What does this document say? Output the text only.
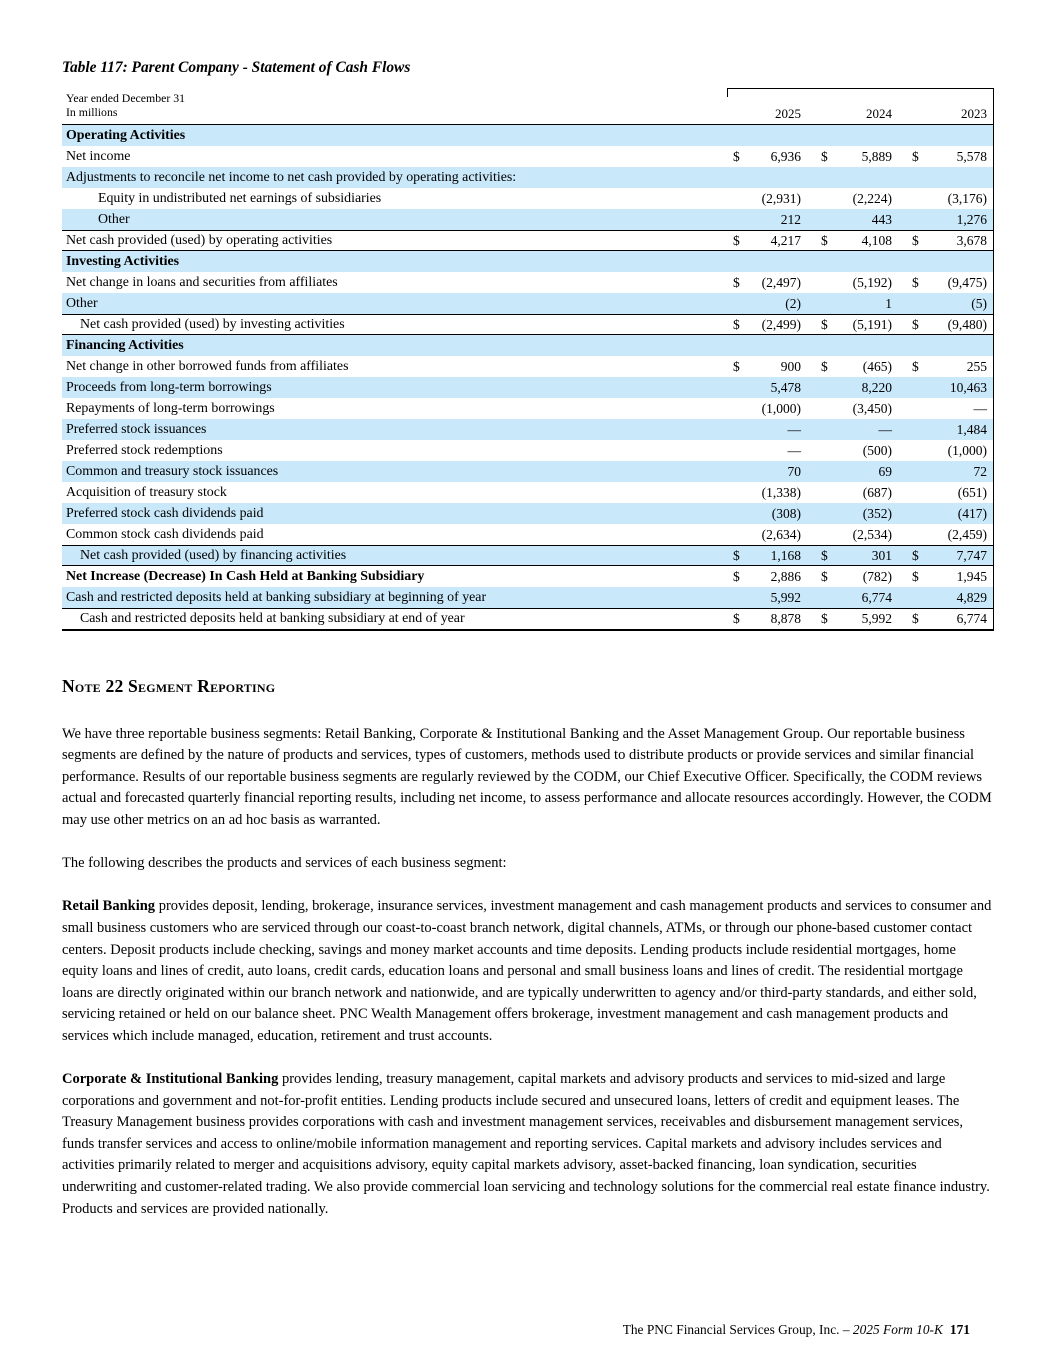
Table 117: Parent Company - Statement of Cash Flows
Year ended December 31
In millions	2025	2024	2023
Operating Activities
Net income	$	6,936	$	5,889	$	5,578
Adjustments to reconcile net income to net cash provided by operating activities:
Equity in undistributed net earnings of subsidiaries	(2,931)	(2,224)	(3,176)
Other	212	443	1,276
Net cash provided (used) by operating activities	$	4,217	$	4,108	$	3,678
Investing Activities
Net change in loans and securities from affiliates	$	(2,497)	(5,192)	$	(9,475)
Other	(2)	1	(5)
Net cash provided (used) by investing activities	$	(2,499)	$	(5,191)	$	(9,480)
Financing Activities
Net change in other borrowed funds from affiliates	$	900	$	(465)	$	255
Proceeds from long-term borrowings	5,478	8,220	10,463
Repayments of long-term borrowings	(1,000)	(3,450)	—
Preferred stock issuances	—	—	1,484
Preferred stock redemptions	—	(500)	(1,000)
Common and treasury stock issuances	70	69	72
Acquisition of treasury stock	(1,338)	(687)	(651)
Preferred stock cash dividends paid	(308)	(352)	(417)
Common stock cash dividends paid	(2,634)	(2,534)	(2,459)
Net cash provided (used) by financing activities	$	1,168	$	301	$	7,747
Net Increase (Decrease) In Cash Held at Banking Subsidiary	$	2,886	$	(782)	$	1,945
Cash and restricted deposits held at banking subsidiary at beginning of year	5,992	6,774	4,829
Cash and restricted deposits held at banking subsidiary at end of year	$	8,878	$	5,992	$	6,774
Note 22 Segment Reporting

We have three reportable business segments: Retail Banking, Corporate & Institutional Banking and the Asset Management Group. Our reportable business segments are defined by the nature of products and services, types of customers, methods used to distribute products or provide services and similar financial performance. Results of our reportable business segments are regularly reviewed by the CODM, our Chief Executive Officer. Specifically, the CODM reviews actual and forecasted quarterly financial reporting results, including net income, to assess performance and allocate resources accordingly. However, the CODM may use other metrics on an ad hoc basis as warranted.

The following describes the products and services of each business segment:

Retail Banking provides deposit, lending, brokerage, insurance services, investment management and cash management products and services to consumer and small business customers who are serviced through our coast-to-coast branch network, digital channels, ATMs, or through our phone-based customer contact centers. Deposit products include checking, savings and money market accounts and time deposits. Lending products include residential mortgages, home equity loans and lines of credit, auto loans, credit cards, education loans and personal and small business loans and lines of credit. The residential mortgage loans are directly originated within our branch network and nationwide, and are typically underwritten to agency and/or third-party standards, and either sold, servicing retained or held on our balance sheet. PNC Wealth Management offers brokerage, investment management and cash management products and services which include managed, education, retirement and trust accounts.

Corporate & Institutional Banking provides lending, treasury management, capital markets and advisory products and services to mid-sized and large corporations and government and not-for-profit entities. Lending products include secured and unsecured loans, letters of credit and equipment leases. The Treasury Management business provides corporations with cash and investment management services, receivables and disbursement management services, funds transfer services and access to online/mobile information management and reporting services. Capital markets and advisory includes services and activities primarily related to merger and acquisitions advisory, equity capital markets advisory, asset-backed financing, loan syndication, securities underwriting and customer-related trading. We also provide commercial loan servicing and technology solutions for the commercial real estate finance industry. Products and services are provided nationally.

The PNC Financial Services Group, Inc. – 2025 Form 10-K 171
